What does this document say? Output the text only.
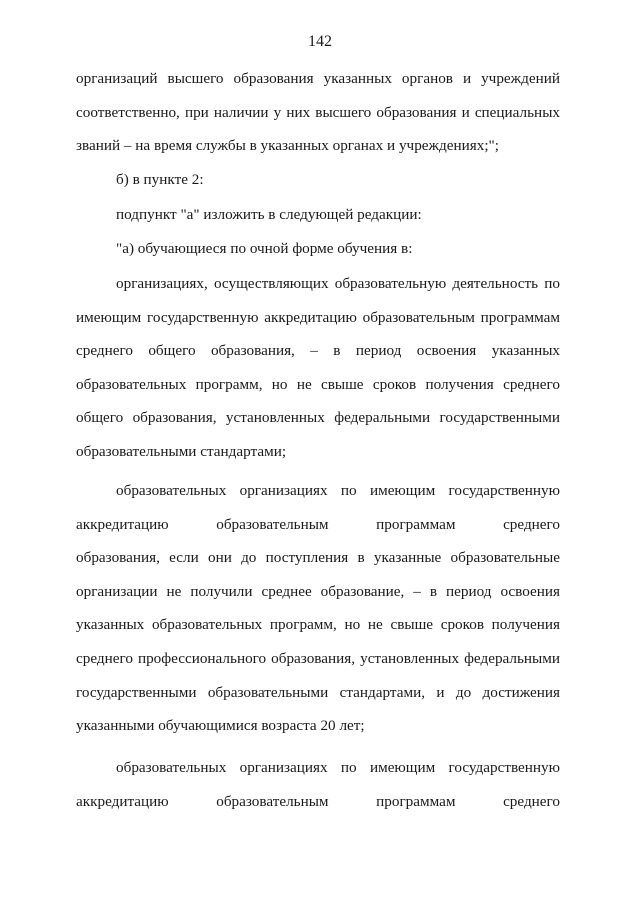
142
организаций высшего образования указанных органов и учреждений
соответственно, при наличии у них высшего образования и специальных
званий – на время службы в указанных органах и учреждениях;";
б) в пункте 2:
подпункт "а" изложить в следующей редакции:
"а) обучающиеся по очной форме обучения в:
организациях, осуществляющих образовательную деятельность по
имеющим государственную аккредитацию образовательным программам
среднего общего образования, – в период освоения указанных
образовательных программ, но не свыше сроков получения среднего
общего образования, установленных федеральными государственными
образовательными стандартами;
образовательных организациях по имеющим государственную
аккредитацию образовательным программам среднего
образования, если они до поступления в указанные образовательные
организации не получили среднее образование, – в период освоения
указанных образовательных программ, но не свыше сроков получения
среднего профессионального образования, установленных федеральными
государственными образовательными стандартами, и до достижения
указанными обучающимися возраста 20 лет;
образовательных организациях по имеющим государственную
аккредитацию образовательным программам среднего
